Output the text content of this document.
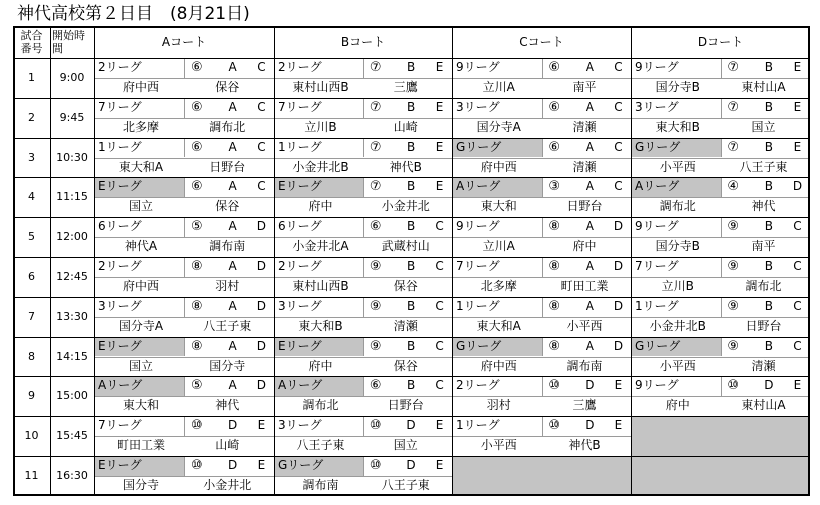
神代高校第２日目　(8月21日)
試合
番号
開始時
間	Aコート	Bコート	Cコート	Dコート
1	9:00
2リーグ	⑥	A	C
府中西	保谷
2リーグ	⑦	B	E
東村山西B	三鷹
9リーグ	⑥	A	C
立川A	南平
9リーグ	⑦	B	E
国分寺B	東村山A
2	9:45
7リーグ	⑥	A	C
北多摩	調布北
7リーグ	⑦	B	E
立川B	山崎
3リーグ	⑥	A	C
国分寺A	清瀬
3リーグ	⑦	B	E
東大和B	国立
3	10:30
1リーグ	⑥	A	C
東大和A	日野台
1リーグ	⑦	B	E
小金井北B	神代B
Gリーグ	⑥	A	C
府中西	清瀬
Gリーグ	⑦	B	E
小平西	八王子東
4	11:15
Eリーグ	⑥	A	C
国立	保谷
Eリーグ	⑦	B	E
府中	小金井北
Aリーグ	③	A	C
東大和	日野台
Aリーグ	④	B	D
調布北	神代
5	12:00
6リーグ	⑤	A	D
神代A	調布南
6リーグ	⑥	B	C
小金井北A	武蔵村山
9リーグ	⑧	A	D
立川A	府中
9リーグ	⑨	B	C
国分寺B	南平
6	12:45
2リーグ	⑧	A	D
府中西	羽村
2リーグ	⑨	B	C
東村山西B	保谷
7リーグ	⑧	A	D
北多摩	町田工業
7リーグ	⑨	B	C
立川B	調布北
7	13:30
3リーグ	⑧	A	D
国分寺A	八王子東
3リーグ	⑨	B	C
東大和B	清瀬
1リーグ	⑧	A	D
東大和A	小平西
1リーグ	⑨	B	C
小金井北B	日野台
8	14:15
Eリーグ	⑧	A	D
国立	国分寺
Eリーグ	⑨	B	C
府中	保谷
Gリーグ	⑧	A	D
府中西	調布南
Gリーグ	⑨	B	C
小平西	清瀬
9	15:00
Aリーグ	⑤	A	D
東大和	神代
Aリーグ	⑥	B	C
調布北	日野台
2リーグ	⑩	D	E
羽村	三鷹
9リーグ	⑩	D	E
府中	東村山A
10	15:45
7リーグ	⑩	D	E
町田工業	山崎
3リーグ	⑩	D	E
八王子東	国立
1リーグ	⑩	D	E
小平西	神代B
11	16:30
Eリーグ	⑩	D	E
国分寺	小金井北
Gリーグ	⑩	D	E
調布南	八王子東
